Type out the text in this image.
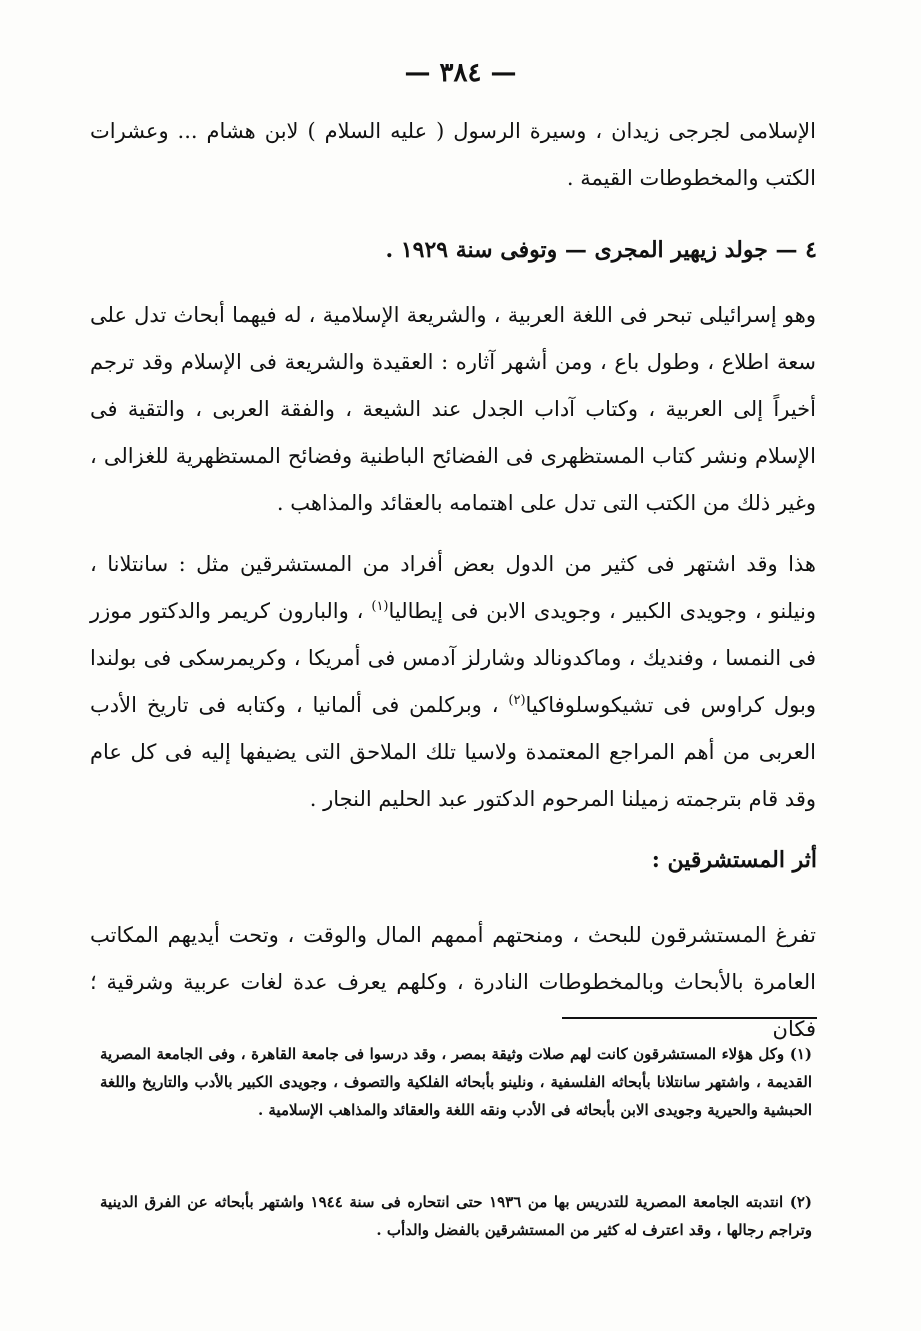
— ٣٨٤ —

الإسلامى لجرجى زيدان ، وسيرة الرسول ( عليه السلام ) لابن هشام ... وعشرات الكتب والمخطوطات القيمة .

٤ — جولد زيهير المجرى — وتوفى سنة ١٩٢٩ .

وهو إسرائيلى تبحر فى اللغة العربية ، والشريعة الإسلامية ، له فيهما أبحاث تدل على سعة اطلاع ، وطول باع ، ومن أشهر آثاره : العقيدة والشريعة فى الإسلام وقد ترجم أخيراً إلى العربية ، وكتاب آداب الجدل عند الشيعة ، والفقة العربى ، والتقية فى الإسلام ونشر كتاب المستظهرى فى الفضائح الباطنية وفضائح المستظهرية للغزالى ، وغير ذلك من الكتب التى تدل على اهتمامه بالعقائد والمذاهب .

هذا وقد اشتهر فى كثير من الدول بعض أفراد من المستشرقين مثل : سانتلانا ، ونيلنو ، وجويدى الكبير ، وجويدى الابن فى إيطاليا$^{(١)}$ ، والبارون كريمر والدكتور موزر فى النمسا ، وفنديك ، وماكدونالد وشارلز آدمس فى أمريكا ، وكريمرسكى فى بولندا وبول كراوس فى تشيكوسلوفاكيا$^{(٢)}$ ، وبركلمن فى ألمانيا ، وكتابه فى تاريخ الأدب العربى من أهم المراجع المعتمدة ولاسيا تلك الملاحق التى يضيفها إليه فى كل عام وقد قام بترجمته زميلنا المرحوم الدكتور عبد الحليم النجار .

أثر المستشرقين :

تفرغ المستشرقون للبحث ، ومنحتهم أممهم المال والوقت ، وتحت أيديهم المكاتب العامرة بالأبحاث وبالمخطوطات النادرة ، وكلهم يعرف عدة لغات عربية وشرقية ؛ فكان

(١) وكل هؤلاء المستشرقون كانت لهم صلات وثيقة بمصر ، وقد درسوا فى جامعة القاهرة ، وفى الجامعة المصرية القديمة ، واشتهر سانتلانا بأبحاثه الفلسفية ، ونلينو بأبحاثه الفلكية والتصوف ، وجويدى الكبير بالأدب والتاريخ واللغة الحبشية والحيرية وجويدى الابن بأبحاثه فى الأدب ونقه اللغة والعقائد والمذاهب الإسلامية .

(٢) انتدبته الجامعة المصرية للتدريس بها من ١٩٣٦ حتى انتحاره فى سنة ١٩٤٤ واشتهر بأبحاثه عن الفرق الدينية وتراجم رجالها ، وقد اعترف له كثير من المستشرقين بالفضل والدأب .
